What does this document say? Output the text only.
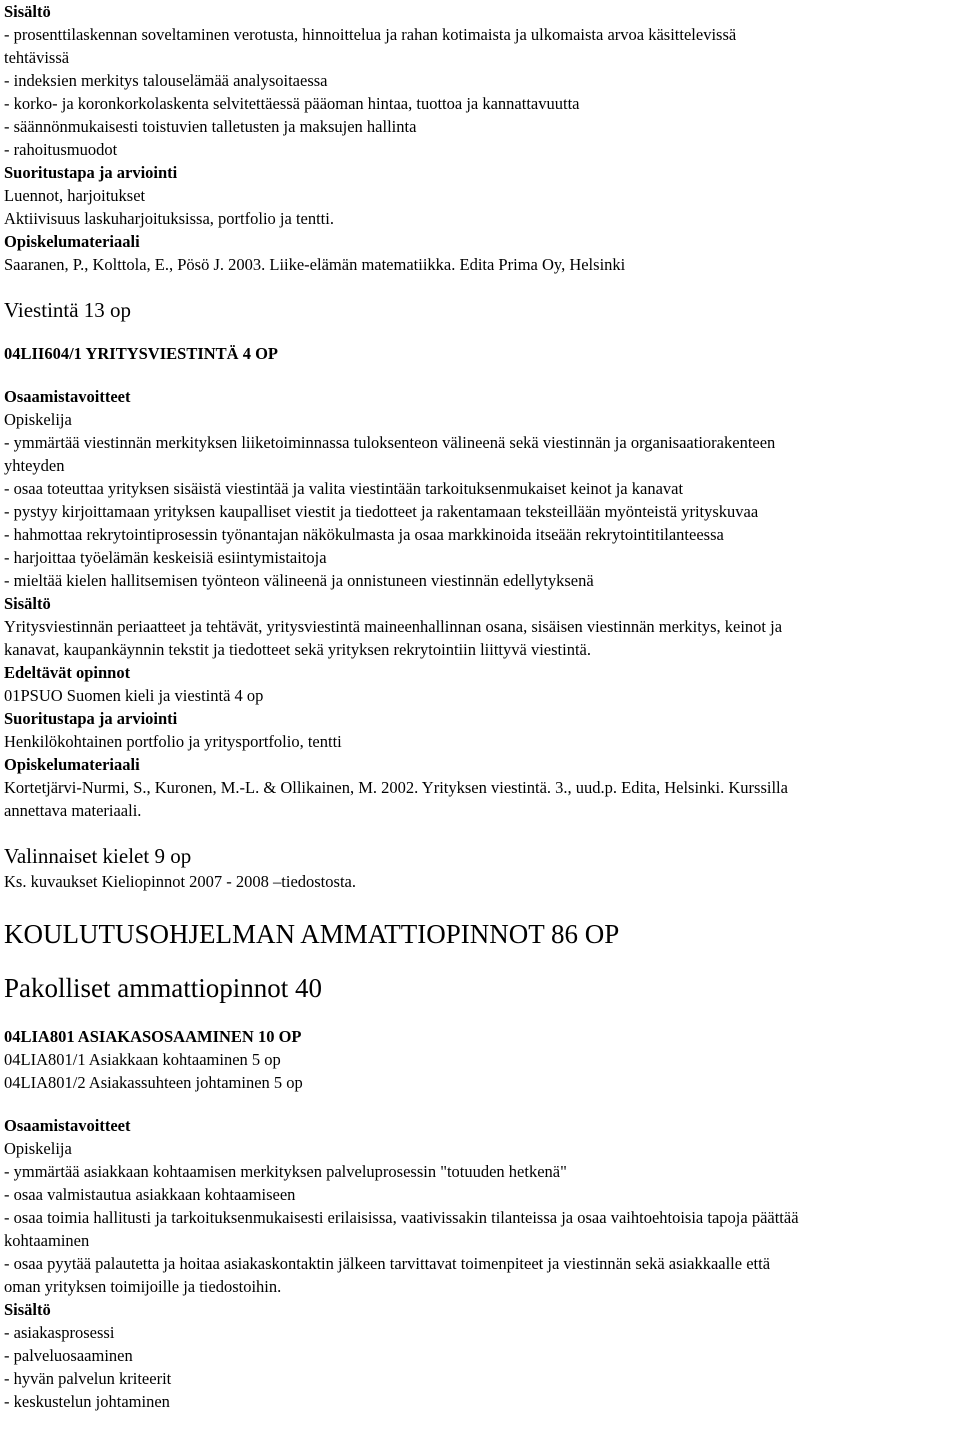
Sisältö
- prosenttilaskennan soveltaminen verotusta, hinnoittelua ja rahan kotimaista ja ulkomaista arvoa käsittelevissä
tehtävissä
- indeksien merkitys talouselämää analysoitaessa
- korko- ja koronkorkolaskenta selvitettäessä pääoman hintaa, tuottoa ja kannattavuutta
- säännönmukaisesti toistuvien talletusten ja maksujen hallinta
- rahoitusmuodot
Suoritustapa ja arviointi
Luennot, harjoitukset
Aktiivisuus laskuharjoituksissa, portfolio ja tentti.
Opiskelumateriaali
Saaranen, P., Kolttola, E., Pösö J. 2003. Liike-elämän matematiikka. Edita Prima Oy, Helsinki
Viestintä 13 op
04LII604/1 YRITYSVIESTINTÄ 4 OP
Osaamistavoitteet
Opiskelija
- ymmärtää viestinnän merkityksen liiketoiminnassa tuloksenteon välineenä sekä viestinnän ja organisaatiorakenteen
yhteyden
- osaa toteuttaa yrityksen sisäistä viestintää ja valita viestintään tarkoituksenmukaiset keinot ja kanavat
- pystyy kirjoittamaan yrityksen kaupalliset viestit ja tiedotteet ja rakentamaan teksteillään myönteistä yrityskuvaa
- hahmottaa rekrytointiprosessin työnantajan näkökulmasta ja osaa markkinoida itseään rekrytointitilanteessa
- harjoittaa työelämän keskeisiä esiintymistaitoja
- mieltää kielen hallitsemisen työnteon välineenä ja onnistuneen viestinnän edellytyksenä
Sisältö
Yritysviestinnän periaatteet ja tehtävät, yritysviestintä maineenhallinnan osana, sisäisen viestinnän merkitys, keinot ja
kanavat, kaupankäynnin tekstit ja tiedotteet sekä yrityksen rekrytointiin liittyvä viestintä.
Edeltävät opinnot
01PSUO Suomen kieli ja viestintä 4 op
Suoritustapa ja arviointi
Henkilökohtainen portfolio ja yritysportfolio, tentti
Opiskelumateriaali
Kortetjärvi-Nurmi, S., Kuronen, M.-L. & Ollikainen, M. 2002. Yrityksen viestintä. 3., uud.p. Edita, Helsinki. Kurssilla
annettava materiaali.
Valinnaiset kielet 9 op
Ks. kuvaukset Kieliopinnot 2007 - 2008 –tiedostosta.
KOULUTUSOHJELMAN AMMATTIOPINNOT 86 OP
Pakolliset ammattiopinnot 40
04LIA801 ASIAKASOSAAMINEN 10 OP
04LIA801/1 Asiakkaan kohtaaminen 5 op
04LIA801/2 Asiakassuhteen johtaminen 5 op
Osaamistavoitteet
Opiskelija
- ymmärtää asiakkaan kohtaamisen merkityksen palveluprosessin "totuuden hetkenä"
- osaa valmistautua asiakkaan kohtaamiseen
- osaa toimia hallitusti ja tarkoituksenmukaisesti erilaisissa, vaativissakin tilanteissa ja osaa vaihtoehtoisia tapoja päättää
kohtaaminen
- osaa pyytää palautetta ja hoitaa asiakaskontaktin jälkeen tarvittavat toimenpiteet ja viestinnän sekä asiakkaalle että
oman yrityksen toimijoille ja tiedostoihin.
Sisältö
- asiakasprosessi
- palveluosaaminen
- hyvän palvelun kriteerit
- keskustelun johtaminen
